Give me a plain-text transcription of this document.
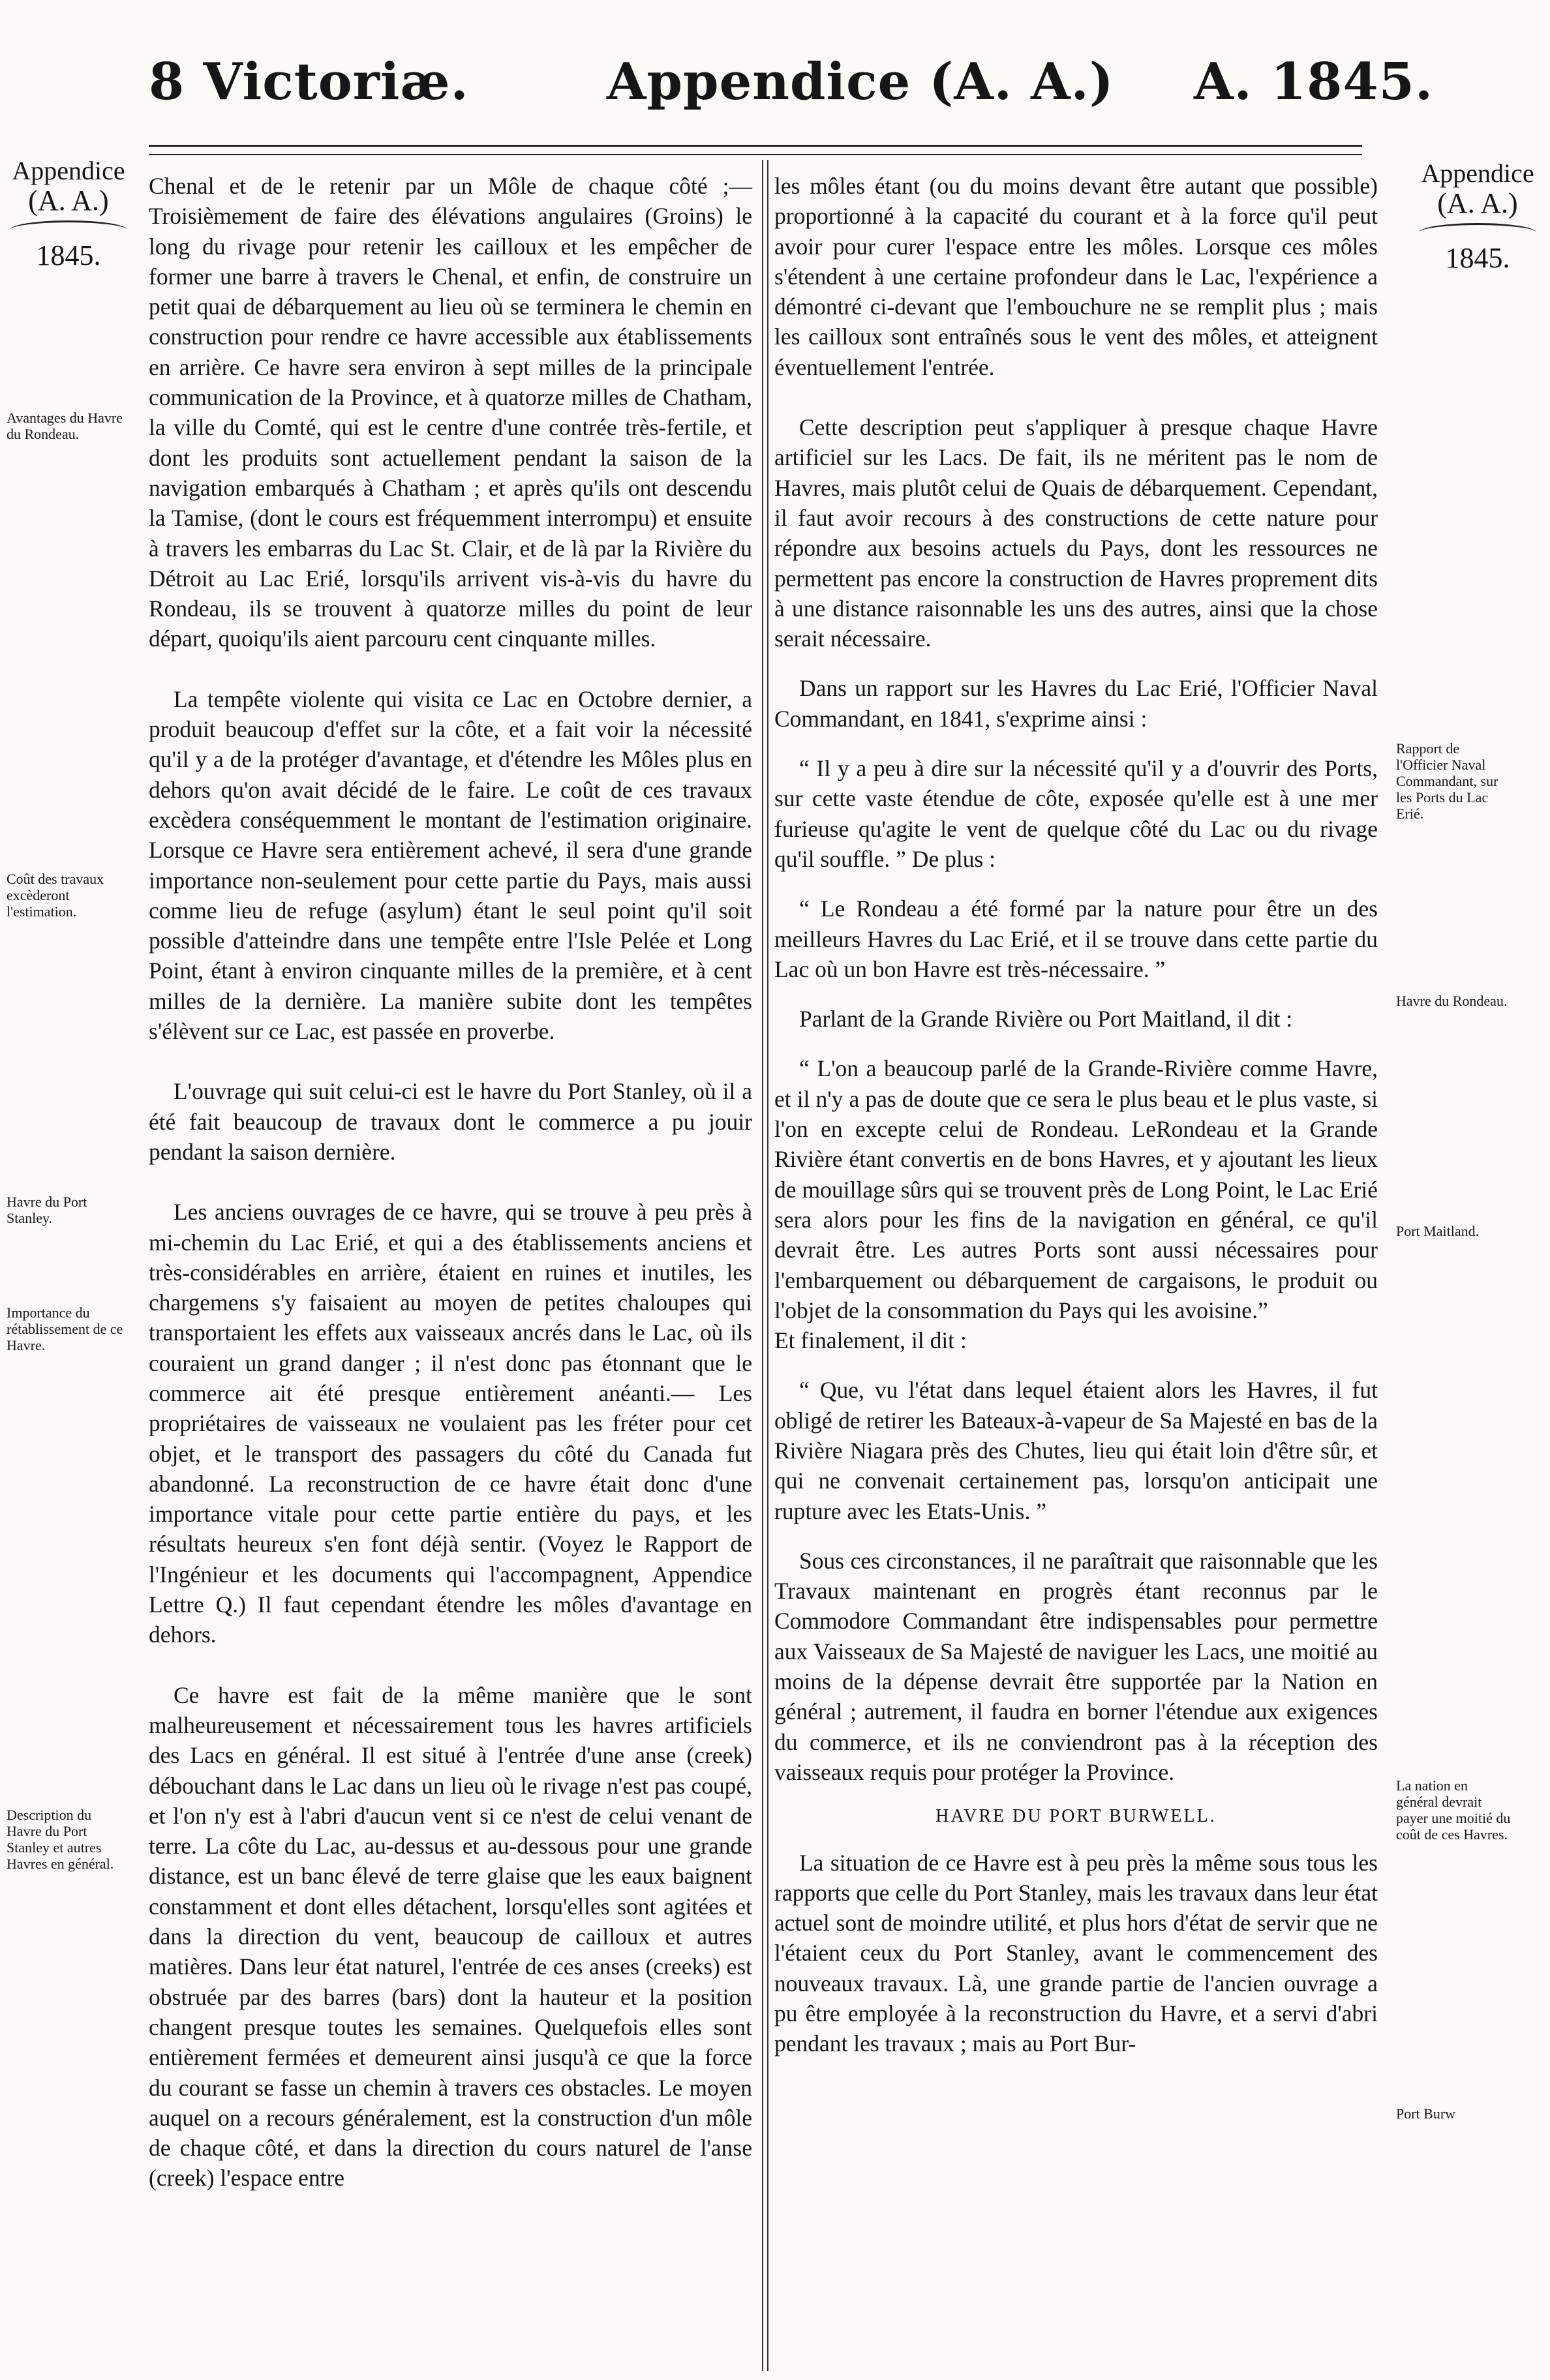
8 Victoriæ.	Appendice (A. A.) A. 1845.
Appendice
(A. A.)
1845.
Appendice
(A. A.)
1845.

Chenal et de le retenir par un Môle de chaque côté ;— Troisièmement de faire des élévations angulaires (Groins) le long du rivage pour retenir les cailloux et les empêcher de former une barre à travers le Chenal, et enfin, de construire un petit quai de débarquement au lieu où se terminera le chemin en construction pour rendre ce havre accessible aux établissements en arrière. Ce havre sera environ à sept milles de la principale communication de la Province, et à quatorze milles de Chatham, la ville du Comté, qui est le centre d'une contrée très-fertile, et dont les produits sont actuellement pendant la saison de la navigation embarqués à Chatham ; et après qu'ils ont descendu la Tamise, (dont le cours est fréquemment interrompu) et ensuite à travers les embarras du Lac St. Clair, et de là par la Rivière du Détroit au Lac Erié, lorsqu'ils arrivent vis-à-vis du havre du Rondeau, ils se trouvent à quatorze milles du point de leur départ, quoiqu'ils aient parcouru cent cinquante milles.

La tempête violente qui visita ce Lac en Octobre dernier, a produit beaucoup d'effet sur la côte, et a fait voir la nécessité qu'il y a de la protéger d'avantage, et d'étendre les Môles plus en dehors qu'on avait décidé de le faire. Le coût de ces travaux excèdera conséquemment le montant de l'estimation originaire. Lorsque ce Havre sera entièrement achevé, il sera d'une grande importance non-seulement pour cette partie du Pays, mais aussi comme lieu de refuge (asylum) étant le seul point qu'il soit possible d'atteindre dans une tempête entre l'Isle Pelée et Long Point, étant à environ cinquante milles de la première, et à cent milles de la dernière. La manière subite dont les tempêtes s'élèvent sur ce Lac, est passée en proverbe.

L'ouvrage qui suit celui-ci est le havre du Port Stanley, où il a été fait beaucoup de travaux dont le commerce a pu jouir pendant la saison dernière.

Les anciens ouvrages de ce havre, qui se trouve à peu près à mi-chemin du Lac Erié, et qui a des établissements anciens et très-considérables en arrière, étaient en ruines et inutiles, les chargemens s'y faisaient au moyen de petites chaloupes qui transportaient les effets aux vaisseaux ancrés dans le Lac, où ils couraient un grand danger ; il n'est donc pas étonnant que le commerce ait été presque entièrement anéanti.— Les propriétaires de vaisseaux ne voulaient pas les fréter pour cet objet, et le transport des passagers du côté du Canada fut abandonné. La reconstruction de ce havre était donc d'une importance vitale pour cette partie entière du pays, et les résultats heureux s'en font déjà sentir. (Voyez le Rapport de l'Ingénieur et les documents qui l'accompagnent, Appendice Lettre Q.) Il faut cependant étendre les môles d'avantage en dehors.

Ce havre est fait de la même manière que le sont malheureusement et nécessairement tous les havres artificiels des Lacs en général. Il est situé à l'entrée d'une anse (creek) débouchant dans le Lac dans un lieu où le rivage n'est pas coupé, et l'on n'y est à l'abri d'aucun vent si ce n'est de celui venant de terre. La côte du Lac, au-dessus et au-dessous pour une grande distance, est un banc élevé de terre glaise que les eaux baignent constamment et dont elles détachent, lorsqu'elles sont agitées et dans la direction du vent, beaucoup de cailloux et autres matières. Dans leur état naturel, l'entrée de ces anses (creeks) est obstruée par des barres (bars) dont la hauteur et la position changent presque toutes les semaines. Quelquefois elles sont entièrement fermées et demeurent ainsi jusqu'à ce que la force du courant se fasse un chemin à travers ces obstacles. Le moyen auquel on a recours généralement, est la construction d'un môle de chaque côté, et dans la direction du cours naturel de l'anse (creek) l'espace entre

les môles étant (ou du moins devant être autant que possible) proportionné à la capacité du courant et à la force qu'il peut avoir pour curer l'espace entre les môles. Lorsque ces môles s'étendent à une certaine profondeur dans le Lac, l'expérience a démontré ci-devant que l'embouchure ne se remplit plus ; mais les cailloux sont entraînés sous le vent des môles, et atteignent éventuellement l'entrée.

Cette description peut s'appliquer à presque chaque Havre artificiel sur les Lacs. De fait, ils ne méritent pas le nom de Havres, mais plutôt celui de Quais de débarquement. Cependant, il faut avoir recours à des constructions de cette nature pour répondre aux besoins actuels du Pays, dont les ressources ne permettent pas encore la construction de Havres proprement dits à une distance raisonnable les uns des autres, ainsi que la chose serait nécessaire.

Dans un rapport sur les Havres du Lac Erié, l'Officier Naval Commandant, en 1841, s'exprime ainsi :

“ Il y a peu à dire sur la nécessité qu'il y a d'ouvrir des Ports, sur cette vaste étendue de côte, exposée qu'elle est à une mer furieuse qu'agite le vent de quelque côté du Lac ou du rivage qu'il souffle. ” De plus :

“ Le Rondeau a été formé par la nature pour être un des meilleurs Havres du Lac Erié, et il se trouve dans cette partie du Lac où un bon Havre est très-nécessaire. ”

Parlant de la Grande Rivière ou Port Maitland, il dit :

“ L'on a beaucoup parlé de la Grande-Rivière comme Havre, et il n'y a pas de doute que ce sera le plus beau et le plus vaste, si l'on en excepte celui de Rondeau. LeRondeau et la Grande Rivière étant convertis en de bons Havres, et y ajoutant les lieux de mouillage sûrs qui se trouvent près de Long Point, le Lac Erié sera alors pour les fins de la navigation en général, ce qu'il devrait être. Les autres Ports sont aussi nécessaires pour l'embarquement ou débarquement de cargaisons, le produit ou l'objet de la consommation du Pays qui les avoisine.”

Et finalement, il dit :

“ Que, vu l'état dans lequel étaient alors les Havres, il fut obligé de retirer les Bateaux-à-vapeur de Sa Majesté en bas de la Rivière Niagara près des Chutes, lieu qui était loin d'être sûr, et qui ne convenait certainement pas, lorsqu'on anticipait une rupture avec les Etats-Unis. ”

Sous ces circonstances, il ne paraîtrait que raisonnable que les Travaux maintenant en progrès étant reconnus par le Commodore Commandant être indispensables pour permettre aux Vaisseaux de Sa Majesté de naviguer les Lacs, une moitié au moins de la dépense devrait être supportée par la Nation en général ; autrement, il faudra en borner l'étendue aux exigences du commerce, et ils ne conviendront pas à la réception des vaisseaux requis pour protéger la Province.

HAVRE DU PORT BURWELL.

La situation de ce Havre est à peu près la même sous tous les rapports que celle du Port Stanley, mais les travaux dans leur état actuel sont de moindre utilité, et plus hors d'état de servir que ne l'étaient ceux du Port Stanley, avant le commencement des nouveaux travaux. Là, une grande partie de l'ancien ouvrage a pu être employée à la reconstruction du Havre, et a servi d'abri pendant les travaux ; mais au Port Bur-

Avantages du Havre du Rondeau.
Coût des travaux excèderont l'estimation.
Havre du Port Stanley.
Importance du rétablissement de ce Havre.
Description du Havre du Port Stanley et autres Havres en général.
Rapport de l'Officier Naval Commandant, sur les Ports du Lac Erié.
Havre du Rondeau.
Port Maitland.
La nation en général devrait payer une moitié du coût de ces Havres.
Port Burw
